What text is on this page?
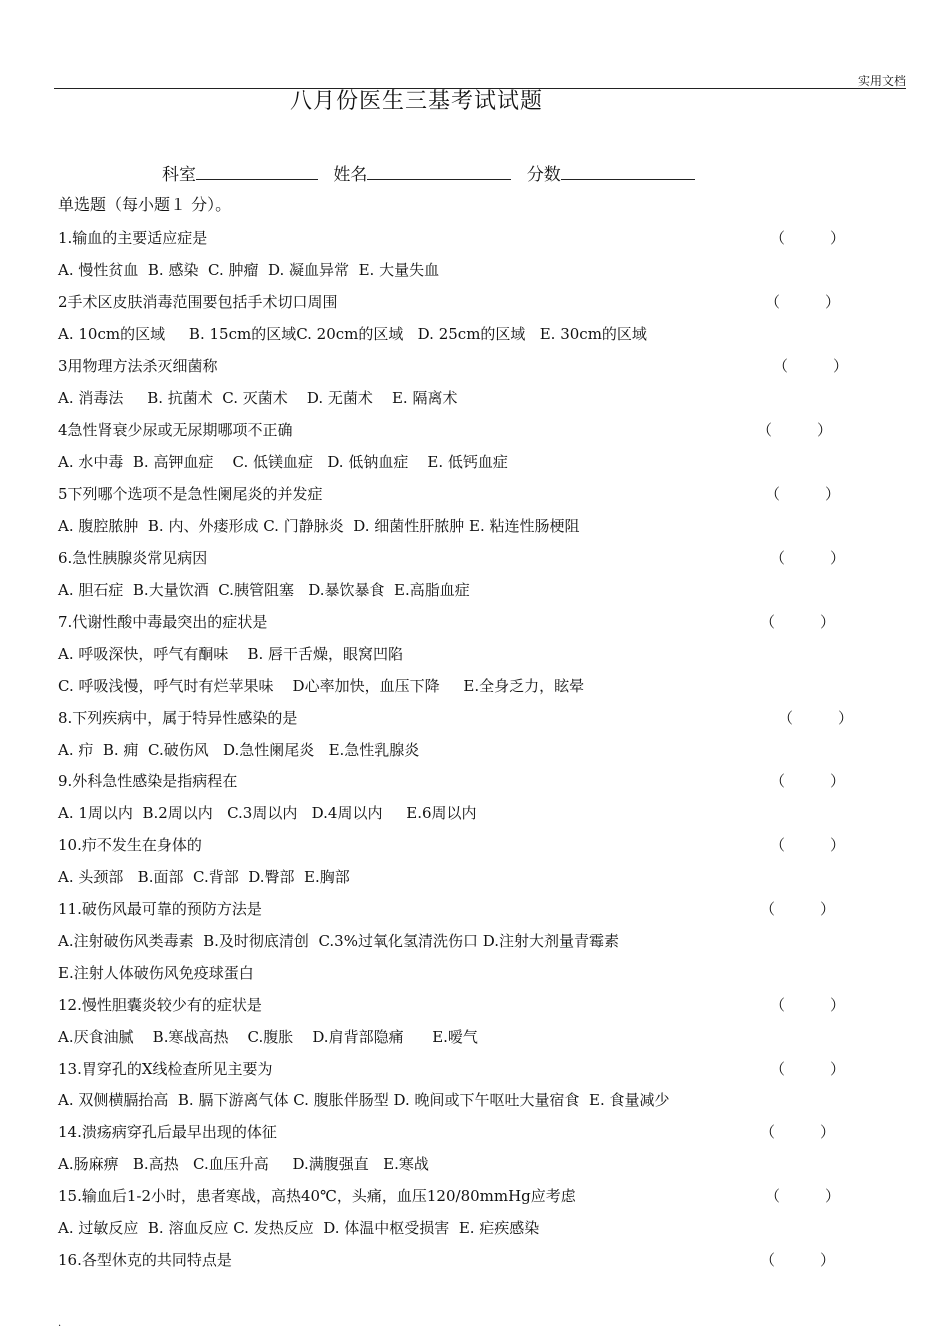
实用文档
八月份医生三基考试试题
科室	姓名	分数
单选题（每小题１ 分）。
1.输血的主要适应症是	（　　　）
A. 慢性贫血  B. 感染  C. 肿瘤  D. 凝血异常  E. 大量失血
2手术区皮肤消毒范围要包括手术切口周围	（　　　）
A. 10cm的区域     B. 15cm的区域C. 20cm的区域   D. 25cm的区域   E. 30cm的区域
3用物理方法杀灭细菌称	（　　　）
A. 消毒法     B. 抗菌术  C. 灭菌术    D. 无菌术    E. 隔离术
4急性肾衰少尿或无尿期哪项不正确	（　　　）
A. 水中毒  B. 高钾血症    C. 低镁血症   D. 低钠血症    E. 低钙血症
5下列哪个选项不是急性阑尾炎的并发症	（　　　）
A. 腹腔脓肿  B. 内、外瘘形成 C. 门静脉炎  D. 细菌性肝脓肿 E. 粘连性肠梗阻
6.急性胰腺炎常见病因	（　　　）
A. 胆石症  B.大量饮酒  C.胰管阻塞   D.暴饮暴食  E.高脂血症
7.代谢性酸中毒最突出的症状是	（　　　）
A. 呼吸深快，呼气有酮味    B. 唇干舌燥，眼窝凹陷
C. 呼吸浅慢，呼气时有烂苹果味    D心率加快，血压下降     E.全身乏力，眩晕
8.下列疾病中，属于特异性感染的是	（　　　）
A. 疖  B. 痈  C.破伤风   D.急性阑尾炎   E.急性乳腺炎
9.外科急性感染是指病程在	（　　　）
A. 1周以内  B.2周以内   C.3周以内   D.4周以内     E.6周以内
10.疖不发生在身体的	（　　　）
A. 头颈部   B.面部  C.背部  D.臀部  E.胸部
11.破伤风最可靠的预防方法是	（　　　）
A.注射破伤风类毒素  B.及时彻底清创  C.3%过氧化氢清洗伤口 D.注射大剂量青霉素
E.注射人体破伤风免疫球蛋白
12.慢性胆囊炎较少有的症状是	（　　　）
A.厌食油腻    B.寒战高热    C.腹胀    D.肩背部隐痛      E.嗳气
13.胃穿孔的X线检查所见主要为	（　　　）
A. 双侧横膈抬高  B. 膈下游离气体 C. 腹胀伴肠型 D. 晚间或下午呕吐大量宿食  E. 食量减少
14.溃疡病穿孔后最早出现的体征	（　　　）
A.肠麻痹   B.高热   C.血压升高     D.满腹强直   E.寒战
15.输血后1-2小时，患者寒战，高热40℃，头痛，血压120/80mmHg应考虑	（　　　）
A. 过敏反应  B. 溶血反应 C. 发热反应  D. 体温中枢受损害  E. 疟疾感染
16.各型休克的共同特点是	（　　　）
.
